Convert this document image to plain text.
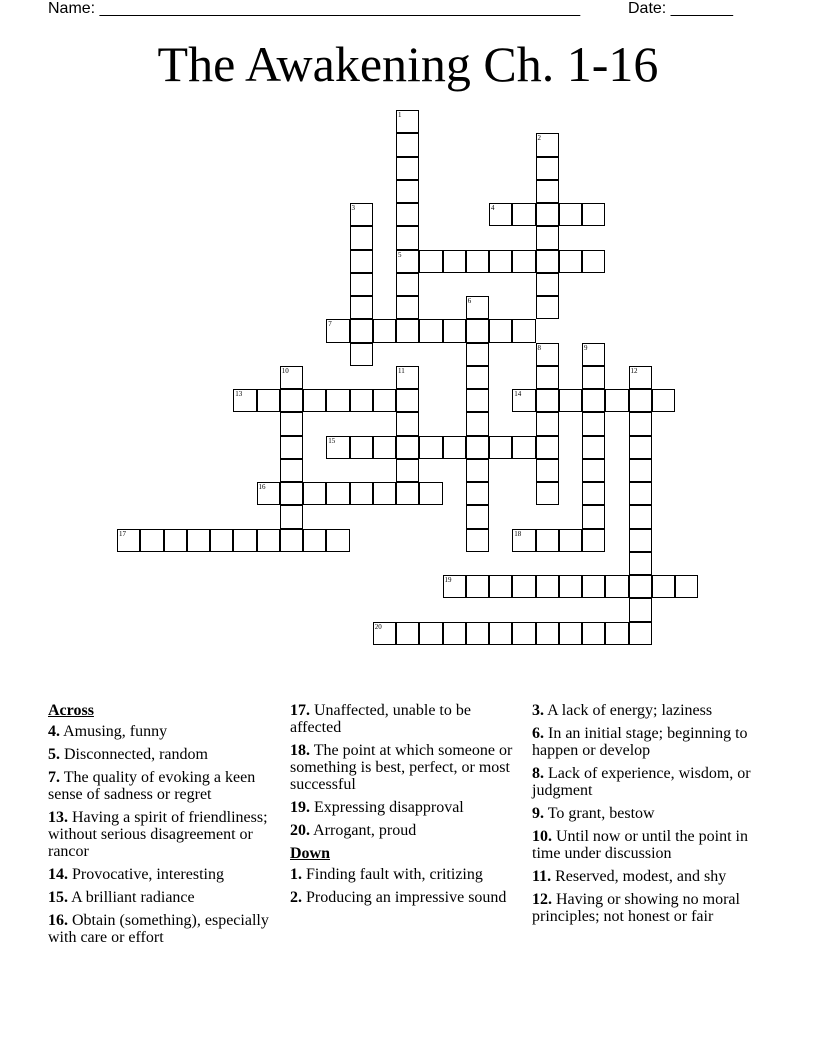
Name: ______________________________________________________	Date: _______
The Awakening Ch. 1-16
4
5
7
13	14
15
16
17	18
19
20
1
2
3
6
8	9
10	11	12
Across
4. Amusing, funny
5. Disconnected, random
7. The quality of evoking a keen sense of sadness or regret
13. Having a spirit of friendliness; without serious disagreement or rancor
14. Provocative, interesting
15. A brilliant radiance
16. Obtain (something), especially with care or effort
17. Unaffected, unable to be affected
18. The point at which someone or something is best, perfect, or most successful
19. Expressing disapproval
20. Arrogant, proud
Down
1. Finding fault with, critizing
2. Producing an impressive sound
3. A lack of energy; laziness
6. In an initial stage; beginning to happen or develop
8. Lack of experience, wisdom, or judgment
9. To grant, bestow
10. Until now or until the point in time under discussion
11. Reserved, modest, and shy
12. Having or showing no moral principles; not honest or fair
